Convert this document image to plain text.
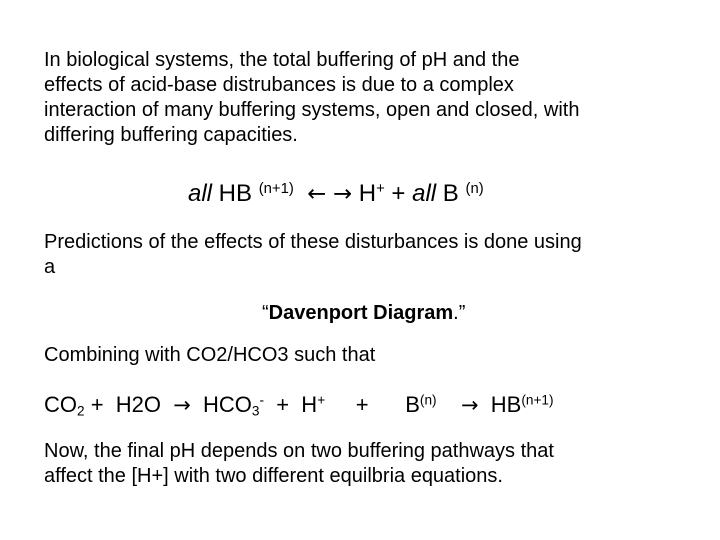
In biological systems, the total buffering of pH and the
effects of acid-base distrubances is due to a complex
interaction of many buffering systems, open and closed, with
differing buffering capacities.
all HB $^{(n+1)}$ ← → H+ + all B $^{(n)}$
Predictions of the effects of these disturbances is done using
a
“Davenport Diagram.”
Combining with CO2/HCO3 such that
$CO_2 + H2O \to HCO_3^- + H^+$     +      $B^{(n)} \to HB^{(n+1)}$
Now, the final pH depends on two buffering pathways that
affect the [H+] with two different equilbria equations.
